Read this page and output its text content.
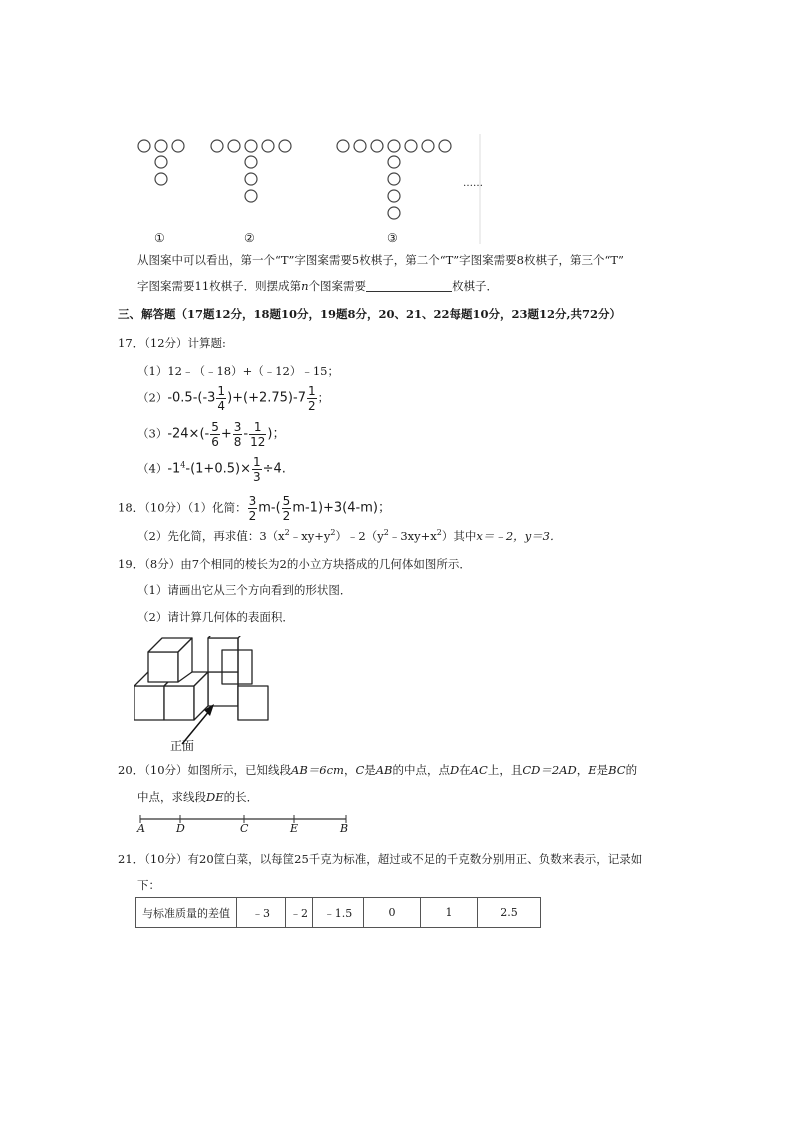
①	②	③
……
从图案中可以看出，第一个“T”字图案需要5枚棋子，第二个“T”字图案需要8枚棋子，第三个“T”
字图案需要11枚棋子．则摆成第n个图案需要	枚棋子．
三、解答题（17题12分，18题10分，19题8分，20、21、22每题10分，23题12分,共72分）
17．（12分）计算题:
（1）12﹣（﹣18）+（﹣12）﹣15；
$(2)-0.5-(-3 \frac{1}{4} )+(+2.75)-7 \frac{1}{2}$ ；
$(3)-24\times(- \frac{5}{6} + \frac{3}{8} - \frac{1}{12}$ )；
$(4)-1^4-(1+0.5)\times \frac{1}{3} \div 4$.
18．（10分）（1）化简： $\frac{3}{2} m-( \frac{5}{2} m-1)+3(4-m)$；
（2）先化简，再求值：$3(x^2﹣xy+y^2)﹣2(y^2﹣3xy+x^2)$其中x＝﹣2，y＝3．
19．（8分）由7个相同的棱长为2的小立方块搭成的几何体如图所示．
（1）请画出它从三个方向看到的形状图．
（2）请计算几何体的表面积．
正面
20．（10分）如图所示，已知线段AB＝6cm，C是AB的中点，点D在AC上，且CD＝2AD，E是BC的
中点，求线段DE的长．
A	D	C	E	B
21．（10分）有20筐白菜，以每筐25千克为标准，超过或不足的千克数分别用正、负数来表示，记录如
下：
与标准质量的差值	﹣3	﹣2	﹣1.5	0	1	2.5
